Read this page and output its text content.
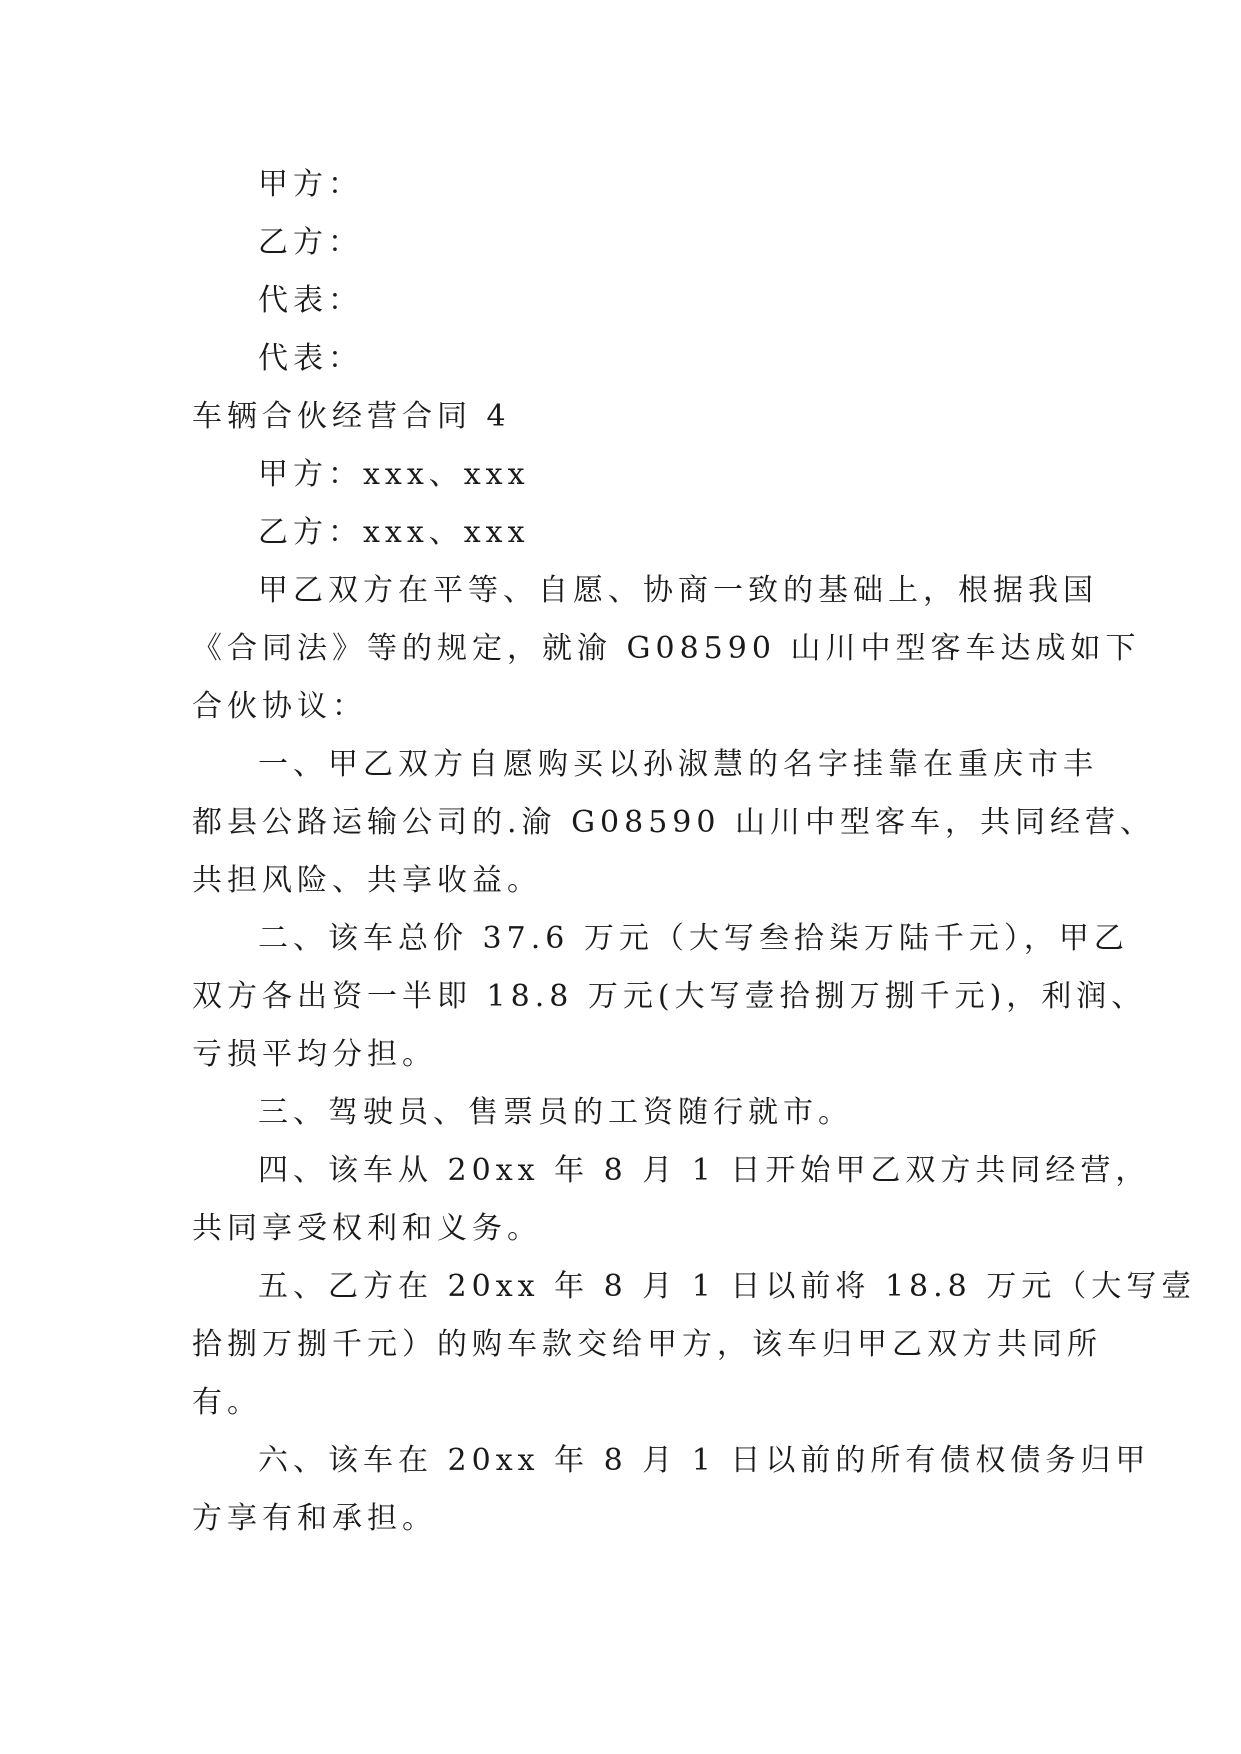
甲方：

乙方：

代表：

代表：

车辆合伙经营合同 4

甲方：xxx、xxx

乙方：xxx、xxx

甲乙双方在平等、自愿、协商一致的基础上，根据我国

《合同法》等的规定，就渝 G08590 山川中型客车达成如下

合伙协议：

一、甲乙双方自愿购买以孙淑慧的名字挂靠在重庆市丰

都县公路运输公司的.渝 G08590 山川中型客车，共同经营、

共担风险、共享收益。

二、该车总价 37.6 万元（大写叁拾柒万陆千元），甲乙

双方各出资一半即 18.8 万元(大写壹拾捌万捌千元)，利润、

亏损平均分担。

三、驾驶员、售票员的工资随行就市。

四、该车从 20xx 年 8 月 1 日开始甲乙双方共同经营，

共同享受权利和义务。

五、乙方在 20xx 年 8 月 1 日以前将 18.8 万元（大写壹

拾捌万捌千元）的购车款交给甲方，该车归甲乙双方共同所

有。

六、该车在 20xx 年 8 月 1 日以前的所有债权债务归甲

方享有和承担。
